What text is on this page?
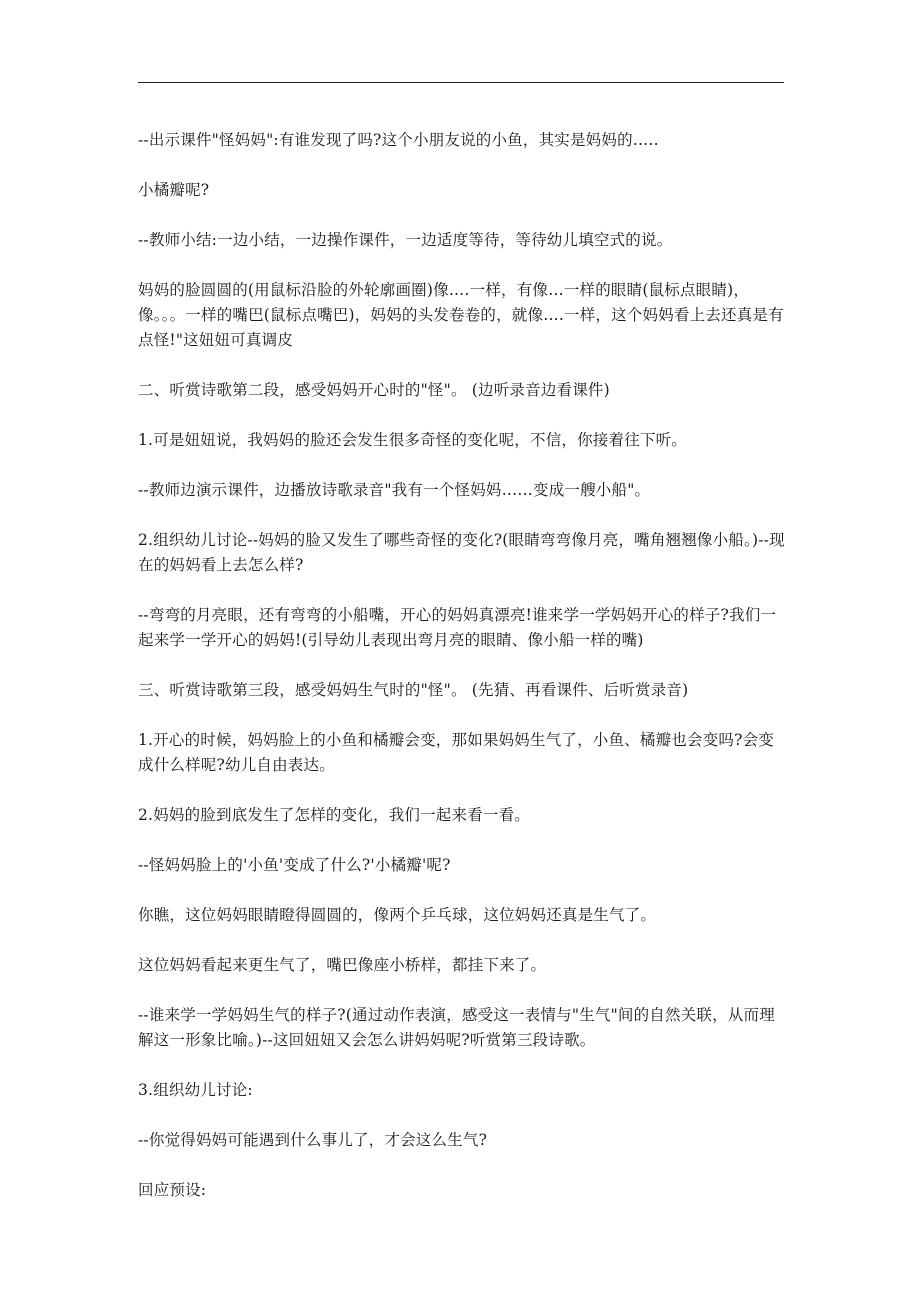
--出示课件"怪妈妈":有谁发现了吗?这个小朋友说的小鱼，其实是妈妈的…..

小橘瓣呢?

--教师小结:一边小结，一边操作课件，一边适度等待，等待幼儿填空式的说。

妈妈的脸圆圆的(用鼠标沿脸的外轮廓画圈)像….一样，有像…一样的眼睛(鼠标点眼睛)，像。。。一样的嘴巴(鼠标点嘴巴)，妈妈的头发卷卷的，就像….一样，这个妈妈看上去还真是有点怪!"这妞妞可真调皮

二、听赏诗歌第二段，感受妈妈开心时的"怪"。 (边听录音边看课件)

1.可是妞妞说，我妈妈的脸还会发生很多奇怪的变化呢，不信，你接着往下听。

--教师边演示课件，边播放诗歌录音"我有一个怪妈妈……变成一艘小船"。

2.组织幼儿讨论--妈妈的脸又发生了哪些奇怪的变化?(眼睛弯弯像月亮，嘴角翘翘像小船。)--现在的妈妈看上去怎么样?

--弯弯的月亮眼，还有弯弯的小船嘴，开心的妈妈真漂亮!谁来学一学妈妈开心的样子?我们一起来学一学开心的妈妈!(引导幼儿表现出弯月亮的眼睛、像小船一样的嘴)

三、听赏诗歌第三段，感受妈妈生气时的"怪"。 (先猜、再看课件、后听赏录音)

1.开心的时候，妈妈脸上的小鱼和橘瓣会变，那如果妈妈生气了，小鱼、橘瓣也会变吗?会变成什么样呢?幼儿自由表达。

2.妈妈的脸到底发生了怎样的变化，我们一起来看一看。

--怪妈妈脸上的'小鱼'变成了什么?'小橘瓣'呢?

你瞧，这位妈妈眼睛瞪得圆圆的，像两个乒乓球，这位妈妈还真是生气了。

这位妈妈看起来更生气了，嘴巴像座小桥样，都挂下来了。

--谁来学一学妈妈生气的样子?(通过动作表演，感受这一表情与"生气"间的自然关联，从而理解这一形象比喻。)--这回妞妞又会怎么讲妈妈呢?听赏第三段诗歌。

3.组织幼儿讨论:

--你觉得妈妈可能遇到什么事儿了，才会这么生气?

回应预设:
